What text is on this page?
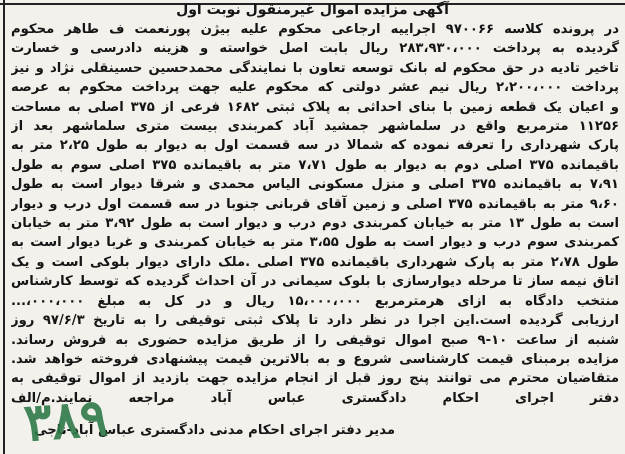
آگهی مزایده اموال غیرمنقول نوبت اول
در پرونده کلاسه ۹۷۰۰۶۶ اجراییه ارجاعی محکوم علیه بیژن پورنعمت ف طاهر محکوم
گردیده به پرداخت ۲۸۳،۹۳۰،۰۰۰ ریال بابت اصل خواسته و هزینه دادرسی و خسارت
تاخیر تادیه در حق محکوم له بانک توسعه تعاون با نمایندگی محمدحسین حسینقلی نژاد و نیز
پرداخت ۲،۲۰۰،۰۰۰ ریال نیم عشر دولتی که محکوم علیه جهت پرداخت محکوم به عرصه
و اعیان یک قطعه زمین با بنای احداثی به پلاک ثبتی ۱۶۸۲ فرعی از ۳۷۵ اصلی به مساحت
۱۱۲۵۶ مترمربع واقع در سلماشهر جمشید آباد کمربندی بیست متری سلماشهر بعد از
پارک شهرداری را تعرفه نموده که شمالا در سه قسمت اول به دیوار به طول ۲،۲۵ متر به
باقیمانده ۳۷۵ اصلی دوم به دیوار به طول ۷،۷۱ متر به باقیمانده ۳۷۵ اصلی سوم به طول
۷،۹۱ به باقیمانده ۳۷۵ اصلی و منزل مسکونی الیاس محمدی و شرقا دیوار است به طول
۹،۶۰ متر به باقیمانده ۳۷۵ اصلی و زمین آقای قربانی جنوبا در سه قسمت اول درب و دیوار
است به طول ۱۳ متر به خیابان کمربندی دوم درب و دیوار است به طول ۳،۹۲ متر به خیابان
کمربندی سوم درب و دیوار است به طول ۳،۵۵ متر به خیابان کمربندی و غربا دیوار است به
طول ۲،۷۸ متر به پارک شهرداری باقیمانده ۳۷۵ اصلی .ملک دارای دیوار بلوکی است و یک
اتاق نیمه ساز تا مرحله دیوارسازی با بلوک سیمانی در آن احداث گردیده که توسط کارشناس
منتخب دادگاه به ازای هرمترمربع ۱۵،۰۰۰،۰۰۰ ریال و در کل به مبلغ ۰۰۰،۰۰۰،...
ارزیابی گردیده است.این اجرا در نظر دارد تا پلاک ثبتی توقیفی را به تاریخ ۹۷/۶/۳ روز
شنبه از ساعت ۱۰-۹ صبح اموال توقیفی را از طریق مزایده حضوری به فروش رساند.
مزایده برمبنای قیمت کارشناسی شروع و به بالاترین قیمت پیشنهادی فروخته خواهد شد.
متقاضیان محترم می توانند پنج روز قبل از انجام مزایده جهت بازدید از اموال توقیفی به
دفتر اجرای احکام دادگستری عباس آباد مراجعه نمایند.م/الف
مدیر دفتر اجرای احکام مدنی دادگستری عباس آباد-ناجی
۳۸۹
